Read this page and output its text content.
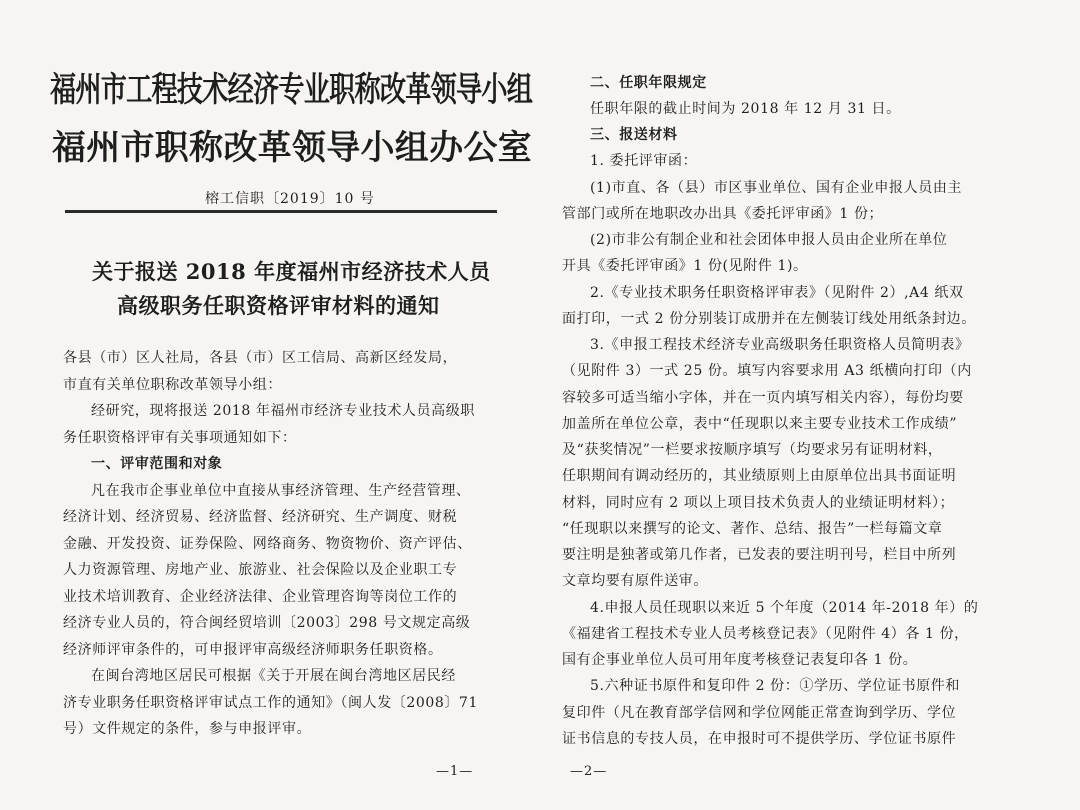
福州市工程技术经济专业职称改革领导小组
福州市职称改革领导小组办公室
榕工信职〔2019〕10 号
关于报送 2018 年度福州市经济技术人员
高级职务任职资格评审材料的通知
各县（市）区人社局，各县（市）区工信局、高新区经发局，
市直有关单位职称改革领导小组：
经研究，现将报送 2018 年福州市经济专业技术人员高级职
务任职资格评审有关事项通知如下：
一、评审范围和对象
凡在我市企事业单位中直接从事经济管理、生产经营管理、
经济计划、经济贸易、经济监督、经济研究、生产调度、财税
金融、开发投资、证券保险、网络商务、物资物价、资产评估、
人力资源管理、房地产业、旅游业、社会保险以及企业职工专
业技术培训教育、企业经济法律、企业管理咨询等岗位工作的
经济专业人员的，符合闽经贸培训〔2003〕298 号文规定高级
经济师评审条件的，可申报评审高级经济师职务任职资格。
在闽台湾地区居民可根据《关于开展在闽台湾地区居民经
济专业职务任职资格评审试点工作的通知》（闽人发〔2008〕71
号）文件规定的条件，参与申报评审。
—1—
二、任职年限规定
任职年限的截止时间为 2018 年 12 月 31 日。
三、报送材料
1. 委托评审函：
(1)市直、各（县）市区事业单位、国有企业申报人员由主
管部门或所在地职改办出具《委托评审函》1 份；
(2)市非公有制企业和社会团体申报人员由企业所在单位
开具《委托评审函》1 份(见附件 1)。
2.《专业技术职务任职资格评审表》（见附件 2）,A4 纸双
面打印，一式 2 份分别装订成册并在左侧装订线处用纸条封边。
3.《申报工程技术经济专业高级职务任职资格人员简明表》
（见附件 3）一式 25 份。填写内容要求用 A3 纸横向打印（内
容较多可适当缩小字体，并在一页内填写相关内容），每份均要
加盖所在单位公章，表中“任现职以来主要专业技术工作成绩”
及“获奖情况”一栏要求按顺序填写（均要求另有证明材料，
任职期间有调动经历的，其业绩原则上由原单位出具书面证明
材料，同时应有 2 项以上项目技术负责人的业绩证明材料）；
“任现职以来撰写的论文、著作、总结、报告”一栏每篇文章
要注明是独著或第几作者，已发表的要注明刊号，栏目中所列
文章均要有原件送审。
4.申报人员任现职以来近 5 个年度（2014 年-2018 年）的
《福建省工程技术专业人员考核登记表》（见附件 4）各 1 份，
国有企事业单位人员可用年度考核登记表复印各 1 份。
5.六种证书原件和复印件 2 份：①学历、学位证书原件和
复印件（凡在教育部学信网和学位网能正常查询到学历、学位
证书信息的专技人员，在申报时可不提供学历、学位证书原件
—2—
